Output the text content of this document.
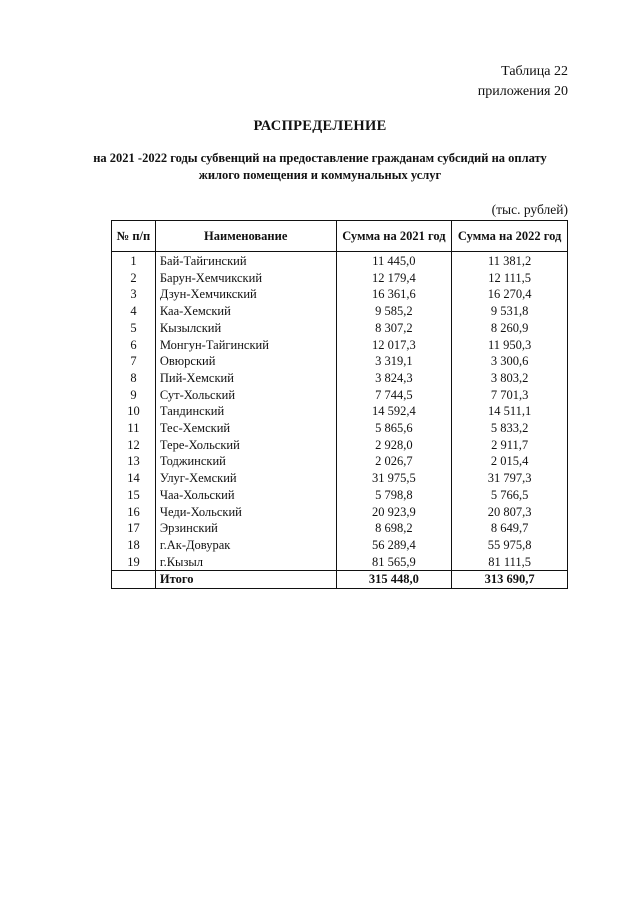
Таблица 22
приложения 20
РАСПРЕДЕЛЕНИЕ
на 2021 -2022 годы субвенций на предоставление гражданам субсидий на оплату жилого помещения и коммунальных услуг
(тыс. рублей)
№ п/п	Наименование	Сумма на 2021 год	Сумма на 2022 год
1	Бай-Тайгинский	11 445,0	11 381,2
2	Барун-Хемчикский	12 179,4	12 111,5
3	Дзун-Хемчикский	16 361,6	16 270,4
4	Каа-Хемский	9 585,2	9 531,8
5	Кызылский	8 307,2	8 260,9
6	Монгун-Тайгинский	12 017,3	11 950,3
7	Овюрский	3 319,1	3 300,6
8	Пий-Хемский	3 824,3	3 803,2
9	Сут-Хольский	7 744,5	7 701,3
10	Тандинский	14 592,4	14 511,1
11	Тес-Хемский	5 865,6	5 833,2
12	Тере-Хольский	2 928,0	2 911,7
13	Тоджинский	2 026,7	2 015,4
14	Улуг-Хемский	31 975,5	31 797,3
15	Чаа-Хольский	5 798,8	5 766,5
16	Чеди-Хольский	20 923,9	20 807,3
17	Эрзинский	8 698,2	8 649,7
18	г.Ак-Довурак	56 289,4	55 975,8
19	г.Кызыл	81 565,9	81 111,5
	Итого	315 448,0	313 690,7
